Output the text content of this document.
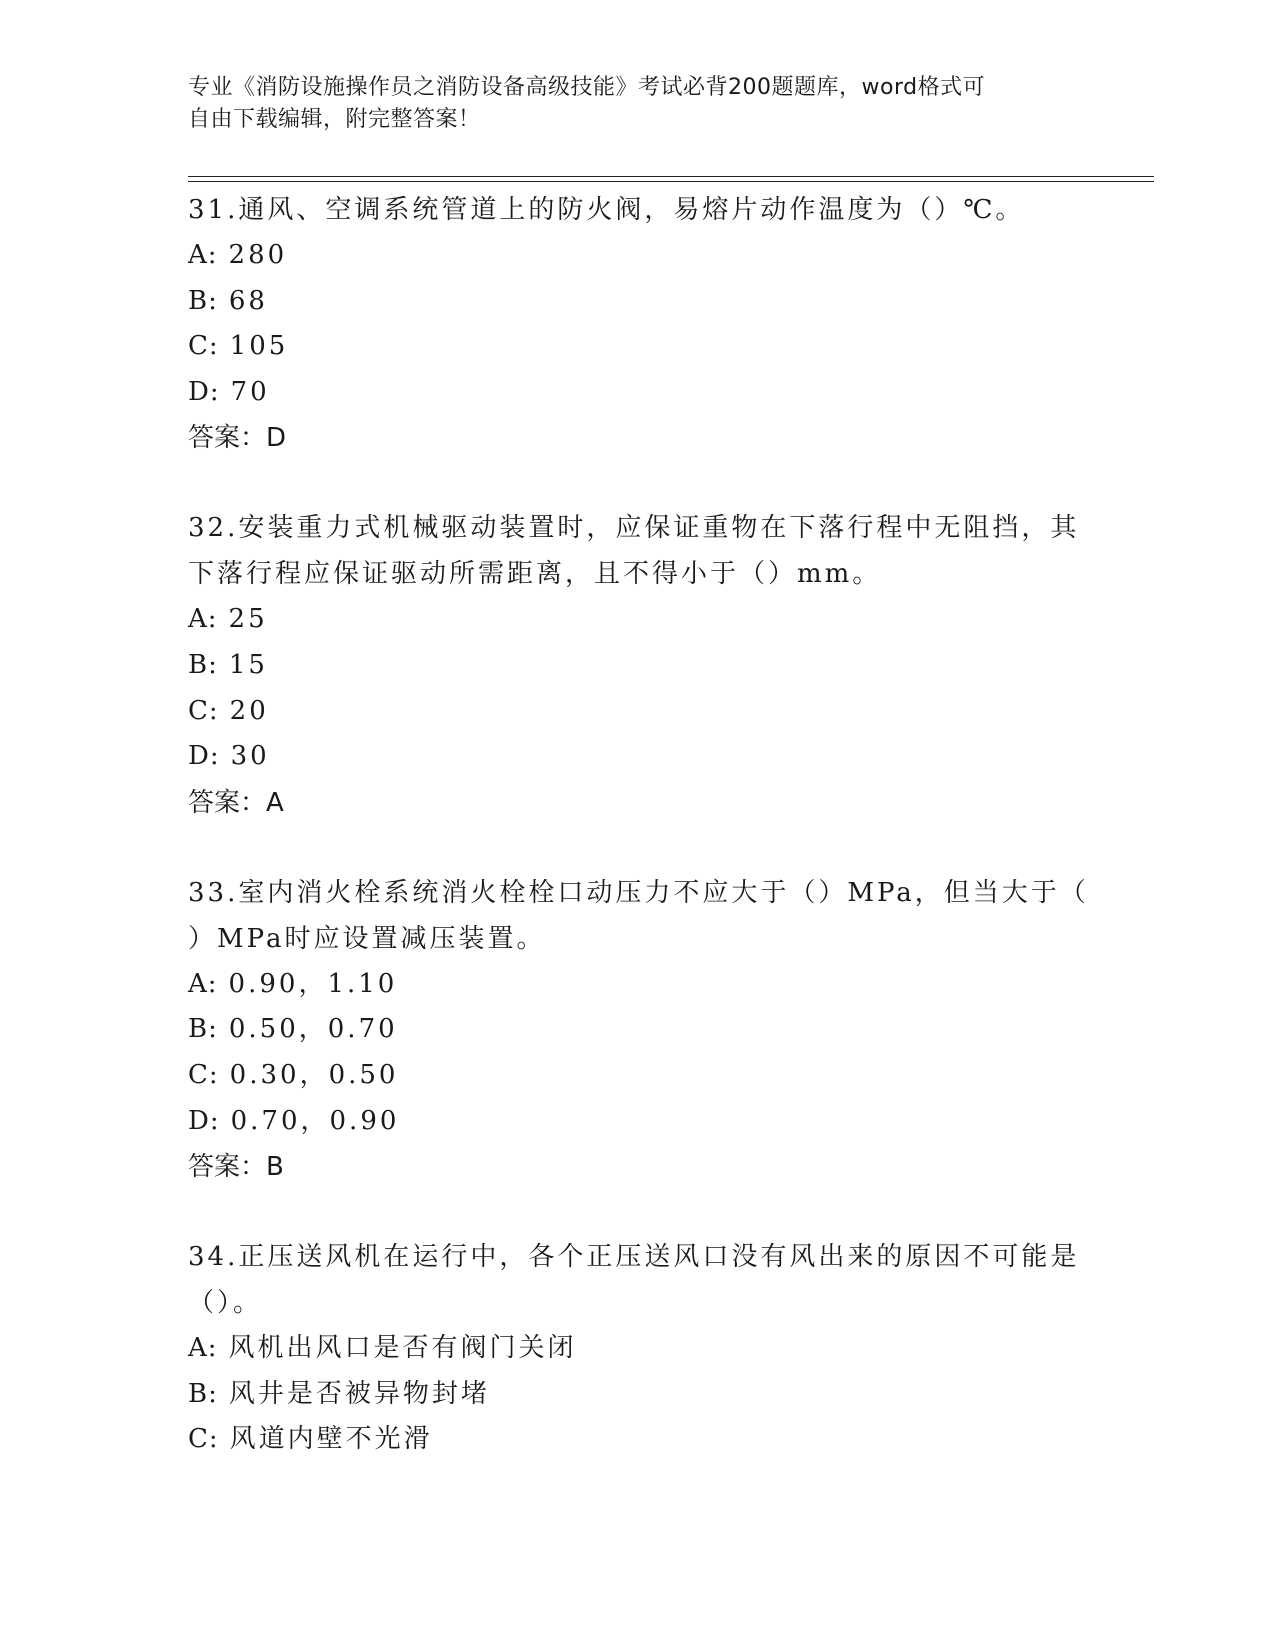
专业《消防设施操作员之消防设备高级技能》考试必背200题题库，word格式可
自由下载编辑，附完整答案！
31.通风、空调系统管道上的防火阀，易熔片动作温度为（）℃。
A: 280
B: 68
C: 105
D: 70
答案：D
32.安装重力式机械驱动装置时，应保证重物在下落行程中无阻挡，其
下落行程应保证驱动所需距离，且不得小于（）mm。
A: 25
B: 15
C: 20
D: 30
答案：A
33.室内消火栓系统消火栓栓口动压力不应大于（）MPa，但当大于（
）MPa时应设置减压装置。
A: 0.90，1.10
B: 0.50，0.70
C: 0.30，0.50
D: 0.70，0.90
答案：B
34.正压送风机在运行中，各个正压送风口没有风出来的原因不可能是
（）。
A: 风机出风口是否有阀门关闭
B: 风井是否被异物封堵
C: 风道内壁不光滑
